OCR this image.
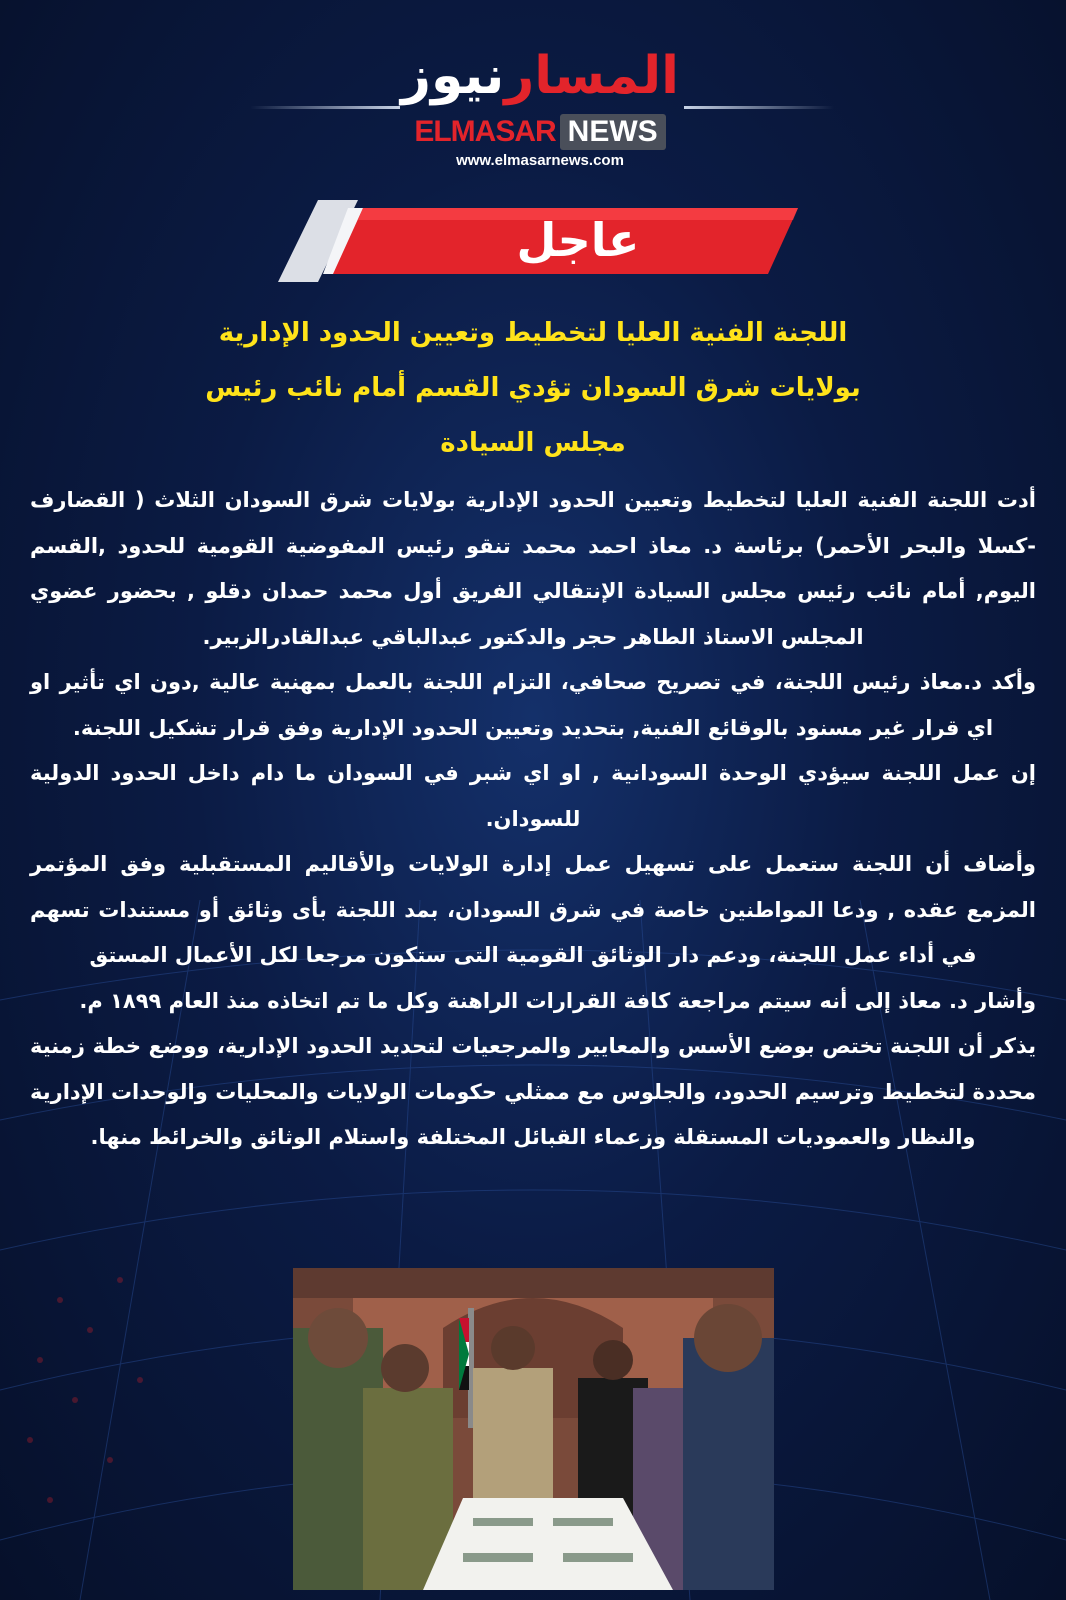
المسارنيوز
ELMASAR NEWS
www.elmasarnews.com
عاجل
اللجنة الفنية العليا لتخطيط وتعيين الحدود الإدارية
بولايات شرق السودان تؤدي القسم أمام نائب رئيس
مجلس السيادة

أدت اللجنة الفنية العليا لتخطيط وتعيين الحدود الإدارية بولايات شرق السودان الثلاث ( القضارف -كسلا والبحر الأحمر) برئاسة د. معاذ احمد محمد تنقو رئيس المفوضية القومية للحدود ,القسم اليوم, أمام نائب رئيس مجلس السيادة الإنتقالي الفريق أول محمد حمدان دقلو , بحضور عضوي المجلس الاستاذ الطاهر حجر والدكتور عبدالباقي عبدالقادرالزبير.

وأكد د.معاذ رئيس اللجنة، في تصريح صحافي، التزام اللجنة بالعمل بمهنية عالية ,دون اي تأثير او اي قرار غير مسنود بالوقائع الفنية, بتحديد وتعيين الحدود الإدارية وفق قرار تشكيل اللجنة.

إن عمل اللجنة سيؤدي الوحدة السودانية , او اي شبر في السودان ما دام داخل الحدود الدولية للسودان.

وأضاف أن اللجنة ستعمل على تسهيل عمل إدارة الولايات والأقاليم المستقبلية وفق المؤتمر المزمع عقده , ودعا المواطنين خاصة في شرق السودان، بمد اللجنة بأى وثائق أو مستندات تسهم في أداء عمل اللجنة، ودعم دار الوثائق القومية التى ستكون مرجعا لكل الأعمال المستق

وأشار د. معاذ إلى أنه سيتم مراجعة كافة القرارات الراهنة وكل ما تم اتخاذه منذ العام ١٨٩٩ م.

يذكر أن اللجنة تختص بوضع الأسس والمعايير والمرجعيات لتحديد الحدود الإدارية، ووضع خطة زمنية محددة لتخطيط وترسيم الحدود، والجلوس مع ممثلي حكومات الولايات والمحليات والوحدات الإدارية والنظار والعموديات المستقلة وزعماء القبائل المختلفة واستلام الوثائق والخرائط منها.
